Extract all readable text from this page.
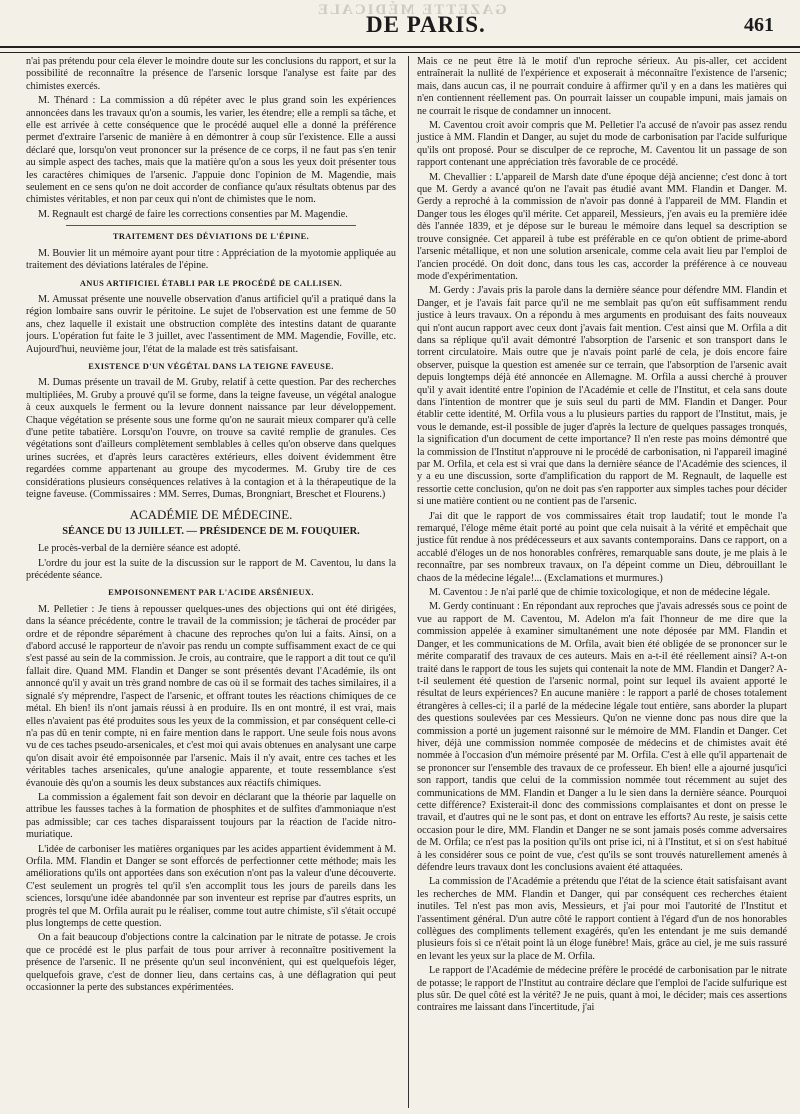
GAZETTE MÉDICALE
DE PARIS.	461

n'ai pas prétendu pour cela élever le moindre doute sur les conclusions du rapport, et sur la possibilité de reconnaître la présence de l'arsenic lorsque l'analyse est faite par des chimistes exercés.

M. Thénard : La commission a dû répéter avec le plus grand soin les expériences annoncées dans les travaux qu'on a soumis, les varier, les étendre; elle a rempli sa tâche, et elle est arrivée à cette conséquence que le procédé auquel elle a donné la préférence permet d'extraire l'arsenic de manière à en démontrer à coup sûr l'existence. Elle a aussi déclaré que, lorsqu'on veut prononcer sur la présence de ce corps, il ne faut pas s'en tenir au simple aspect des taches, mais que la matière qu'on a sous les yeux doit présenter tous les caractères chimiques de l'arsenic. J'appuie donc l'opinion de M. Magendie, mais seulement en ce sens qu'on ne doit accorder de confiance qu'aux résultats obtenus par des chimistes véritables, et non par ceux qui n'ont de chimistes que le nom.

M. Regnault est chargé de faire les corrections consenties par M. Magendie.

TRAITEMENT DES DÉVIATIONS DE L'ÉPINE.

M. Bouvier lit un mémoire ayant pour titre : Appréciation de la myotomie appliquée au traitement des déviations latérales de l'épine.

ANUS ARTIFICIEL ÉTABLI PAR LE PROCÉDÉ DE CALLISEN.

M. Amussat présente une nouvelle observation d'anus artificiel qu'il a pratiqué dans la région lombaire sans ouvrir le péritoine. Le sujet de l'observation est une femme de 50 ans, chez laquelle il existait une obstruction complète des intestins datant de quarante jours. L'opération fut faite le 3 juillet, avec l'assentiment de MM. Magendie, Foville, etc. Aujourd'hui, neuvième jour, l'état de la malade est très satisfaisant.

EXISTENCE D'UN VÉGÉTAL DANS LA TEIGNE FAVEUSE.

M. Dumas présente un travail de M. Gruby, relatif à cette question. Par des recherches multipliées, M. Gruby a prouvé qu'il se forme, dans la teigne faveuse, un végétal analogue à ceux auxquels le ferment ou la levure donnent naissance par leur développement. Chaque végétation se présente sous une forme qu'on ne saurait mieux comparer qu'à celle d'une petite tabatière. Lorsqu'on l'ouvre, on trouve sa cavité remplie de granules. Ces végétations sont d'ailleurs complètement semblables à celles qu'on observe dans quelques urines sucrées, et d'après leurs caractères extérieurs, elles doivent évidemment être regardées comme appartenant au groupe des mycodermes. M. Gruby tire de ces considérations plusieurs conséquences relatives à la contagion et à la thérapeutique de la teigne faveuse. (Commissaires : MM. Serres, Dumas, Brongniart, Breschet et Flourens.)

ACADÉMIE DE MÉDECINE.
SÉANCE DU 13 JUILLET. — PRÉSIDENCE DE M. FOUQUIER.

Le procès-verbal de la dernière séance est adopté.

L'ordre du jour est la suite de la discussion sur le rapport de M. Caventou, lu dans la précédente séance.

EMPOISONNEMENT PAR L'ACIDE ARSÉNIEUX.

M. Pelletier : Je tiens à repousser quelques-unes des objections qui ont été dirigées, dans la séance précédente, contre le travail de la commission; je tâcherai de procéder par ordre et de répondre séparément à chacune des reproches qu'on lui a faits. Ainsi, on a d'abord accusé le rapporteur de n'avoir pas rendu un compte suffisamment exact de ce qui s'est passé au sein de la commission. Je crois, au contraire, que le rapport a dit tout ce qu'il fallait dire. Quand MM. Flandin et Danger se sont présentés devant l'Académie, ils ont annoncé qu'il y avait un très grand nombre de cas où il se formait des taches similaires, il a signalé s'y méprendre, l'aspect de l'arsenic, et offrant toutes les réactions chimiques de ce métal. Eh bien! ils n'ont jamais réussi à en produire. Ils en ont montré, il est vrai, mais elles n'avaient pas été produites sous les yeux de la commission, et par conséquent celle-ci n'a pas dû en tenir compte, ni en faire mention dans le rapport. Une seule fois nous avons vu de ces taches pseudo-arsenicales, et c'est moi qui avais obtenues en analysant une carpe qu'on disait avoir été empoisonnée par l'arsenic. Mais il n'y avait, entre ces taches et les véritables taches arsenicales, qu'une analogie apparente, et toute ressemblance s'est évanouie dès qu'on a soumis les deux substances aux réactifs chimiques.

La commission a également fait son devoir en déclarant que la théorie par laquelle on attribue les fausses taches à la formation de phosphites et de sulfites d'ammoniaque n'est pas admissible; car ces taches disparaissent toujours par la réaction de l'acide nitro-muriatique.

L'idée de carboniser les matières organiques par les acides appartient évidemment à M. Orfila. MM. Flandin et Danger se sont efforcés de perfectionner cette méthode; mais les améliorations qu'ils ont apportées dans son exécution n'ont pas la valeur d'une découverte. C'est seulement un progrès tel qu'il s'en accomplit tous les jours de pareils dans les sciences, lorsqu'une idée abandonnée par son inventeur est reprise par d'autres esprits, un progrès tel que M. Orfila aurait pu le réaliser, comme tout autre chimiste, s'il s'était occupé plus longtemps de cette question.

On a fait beaucoup d'objections contre la calcination par le nitrate de potasse. Je crois que ce procédé est le plus parfait de tous pour arriver à reconnaître positivement la présence de l'arsenic. Il ne présente qu'un seul inconvénient, qui est quelquefois léger, quelquefois grave, c'est de donner lieu, dans certains cas, à une déflagration qui peut occasionner la perte des substances expérimentées.

Mais ce ne peut être là le motif d'un reproche sérieux. Au pis-aller, cet accident entraînerait la nullité de l'expérience et exposerait à méconnaître l'existence de l'arsenic; mais, dans aucun cas, il ne pourrait conduire à affirmer qu'il y en a dans les matières qui n'en contiennent réellement pas. On pourrait laisser un coupable impuni, mais jamais on ne courrait le risque de condamner un innocent.

M. Caventou croit avoir compris que M. Pelletier l'a accusé de n'avoir pas assez rendu justice à MM. Flandin et Danger, au sujet du mode de carbonisation par l'acide sulfurique qu'ils ont proposé. Pour se disculper de ce reproche, M. Caventou lit un passage de son rapport contenant une appréciation très favorable de ce procédé.

M. Chevallier : L'appareil de Marsh date d'une époque déjà ancienne; c'est donc à tort que M. Gerdy a avancé qu'on ne l'avait pas étudié avant MM. Flandin et Danger. M. Gerdy a reproché à la commission de n'avoir pas donné à l'appareil de MM. Flandin et Danger tous les éloges qu'il mérite. Cet appareil, Messieurs, j'en avais eu la première idée dès l'année 1839, et je dépose sur le bureau le mémoire dans lequel sa description se trouve consignée. Cet appareil à tube est préférable en ce qu'on obtient de prime-abord l'arsenic métallique, et non une solution arsenicale, comme cela avait lieu par l'emploi de l'ancien procédé. On doit donc, dans tous les cas, accorder la préférence à ce nouveau mode d'expérimentation.

M. Gerdy : J'avais pris la parole dans la dernière séance pour défendre MM. Flandin et Danger, et je l'avais fait parce qu'il ne me semblait pas qu'on eût suffisamment rendu justice à leurs travaux. On a répondu à mes arguments en produisant des faits nouveaux qui n'ont aucun rapport avec ceux dont j'avais fait mention. C'est ainsi que M. Orfila a dit dans sa réplique qu'il avait démontré l'absorption de l'arsenic et son transport dans le torrent circulatoire. Mais outre que je n'avais point parlé de cela, je dois encore faire observer, puisque la question est amenée sur ce terrain, que l'absorption de l'arsenic avait depuis longtemps déjà été annoncée en Allemagne. M. Orfila a aussi cherché à prouver qu'il y avait identité entre l'opinion de l'Académie et celle de l'Institut, et cela sans doute dans l'intention de montrer que je suis seul du parti de MM. Flandin et Danger. Pour établir cette identité, M. Orfila vous a lu plusieurs parties du rapport de l'Institut, mais, je vous le demande, est-il possible de juger d'après la lecture de quelques passages tronqués, la signification d'un document de cette importance? Il n'en reste pas moins démontré que la commission de l'Institut n'approuve ni le procédé de carbonisation, ni l'appareil imaginé par M. Orfila, et cela est si vrai que dans la dernière séance de l'Académie des sciences, il y a eu une discussion, sorte d'amplification du rapport de M. Regnault, de laquelle est ressortie cette conclusion, qu'on ne doit pas s'en rapporter aux simples taches pour décider si une matière contient ou ne contient pas de l'arsenic.

J'ai dit que le rapport de vos commissaires était trop laudatif; tout le monde l'a remarqué, l'éloge même était porté au point que cela nuisait à la vérité et empêchait que justice fût rendue à nos prédécesseurs et aux savants contemporains. Dans ce rapport, on a accablé d'éloges un de nos honorables confrères, remarquable sans doute, je me plais à le reconnaître, par ses nombreux travaux, on l'a dépeint comme un Dieu, débrouillant le chaos de la médecine légale!... (Exclamations et murmures.)

M. Caventou : Je n'ai parlé que de chimie toxicologique, et non de médecine légale.

M. Gerdy continuant : En répondant aux reproches que j'avais adressés sous ce point de vue au rapport de M. Caventou, M. Adelon m'a fait l'honneur de me dire que la commission appelée à examiner simultanément une note déposée par MM. Flandin et Danger, et les communications de M. Orfila, avait bien été obligée de se prononcer sur le mérite comparatif des travaux de ces auteurs. Mais en a-t-il été réellement ainsi? A-t-on traité dans le rapport de tous les sujets qui contenait la note de MM. Flandin et Danger? A-t-il seulement été question de l'arsenic normal, point sur lequel ils avaient apporté le résultat de leurs expériences? En aucune manière : le rapport a parlé de choses totalement étrangères à celles-ci; il a parlé de la médecine légale tout entière, sans aborder la plupart des questions soulevées par ces Messieurs. Qu'on ne vienne donc pas nous dire que la commission a porté un jugement raisonné sur le mémoire de MM. Flandin et Danger. Cet hiver, déjà une commission nommée composée de médecins et de chimistes avait été nommée à l'occasion d'un mémoire présenté par M. Orfila. C'est à elle qu'il appartenait de se prononcer sur l'ensemble des travaux de ce professeur. Eh bien! elle a ajourné jusqu'ici son rapport, tandis que celui de la commission nommée tout récemment au sujet des communications de MM. Flandin et Danger a lu le sien dans la dernière séance. Pourquoi cette différence? Existerait-il donc des commissions complaisantes et dont on presse le travail, et d'autres qui ne le sont pas, et dont on entrave les efforts? Au reste, je saisis cette occasion pour le dire, MM. Flandin et Danger ne se sont jamais posés comme adversaires de M. Orfila; ce n'est pas la position qu'ils ont prise ici, ni à l'Institut, et si on s'est habitué à les considérer sous ce point de vue, c'est qu'ils se sont trouvés naturellement amenés à défendre leurs travaux dont les conclusions avaient été attaquées.

La commission de l'Académie a prétendu que l'état de la science était satisfaisant avant les recherches de MM. Flandin et Danger, qui par conséquent ces recherches étaient inutiles. Tel n'est pas mon avis, Messieurs, et j'ai pour moi l'autorité de l'Institut et l'assentiment général. D'un autre côté le rapport contient à l'égard d'un de nos honorables collègues des compliments tellement exagérés, qu'en les entendant je me suis demandé plusieurs fois si ce n'était point là un éloge funèbre! Mais, grâce au ciel, je me suis rassuré en levant les yeux sur la place de M. Orfila.

Le rapport de l'Académie de médecine préfère le procédé de carbonisation par le nitrate de potasse; le rapport de l'Institut au contraire déclare que l'emploi de l'acide sulfurique est plus sûr. De quel côté est la vérité? Je ne puis, quant à moi, le décider; mais ces assertions contraires me laissant dans l'incertitude, j'ai
